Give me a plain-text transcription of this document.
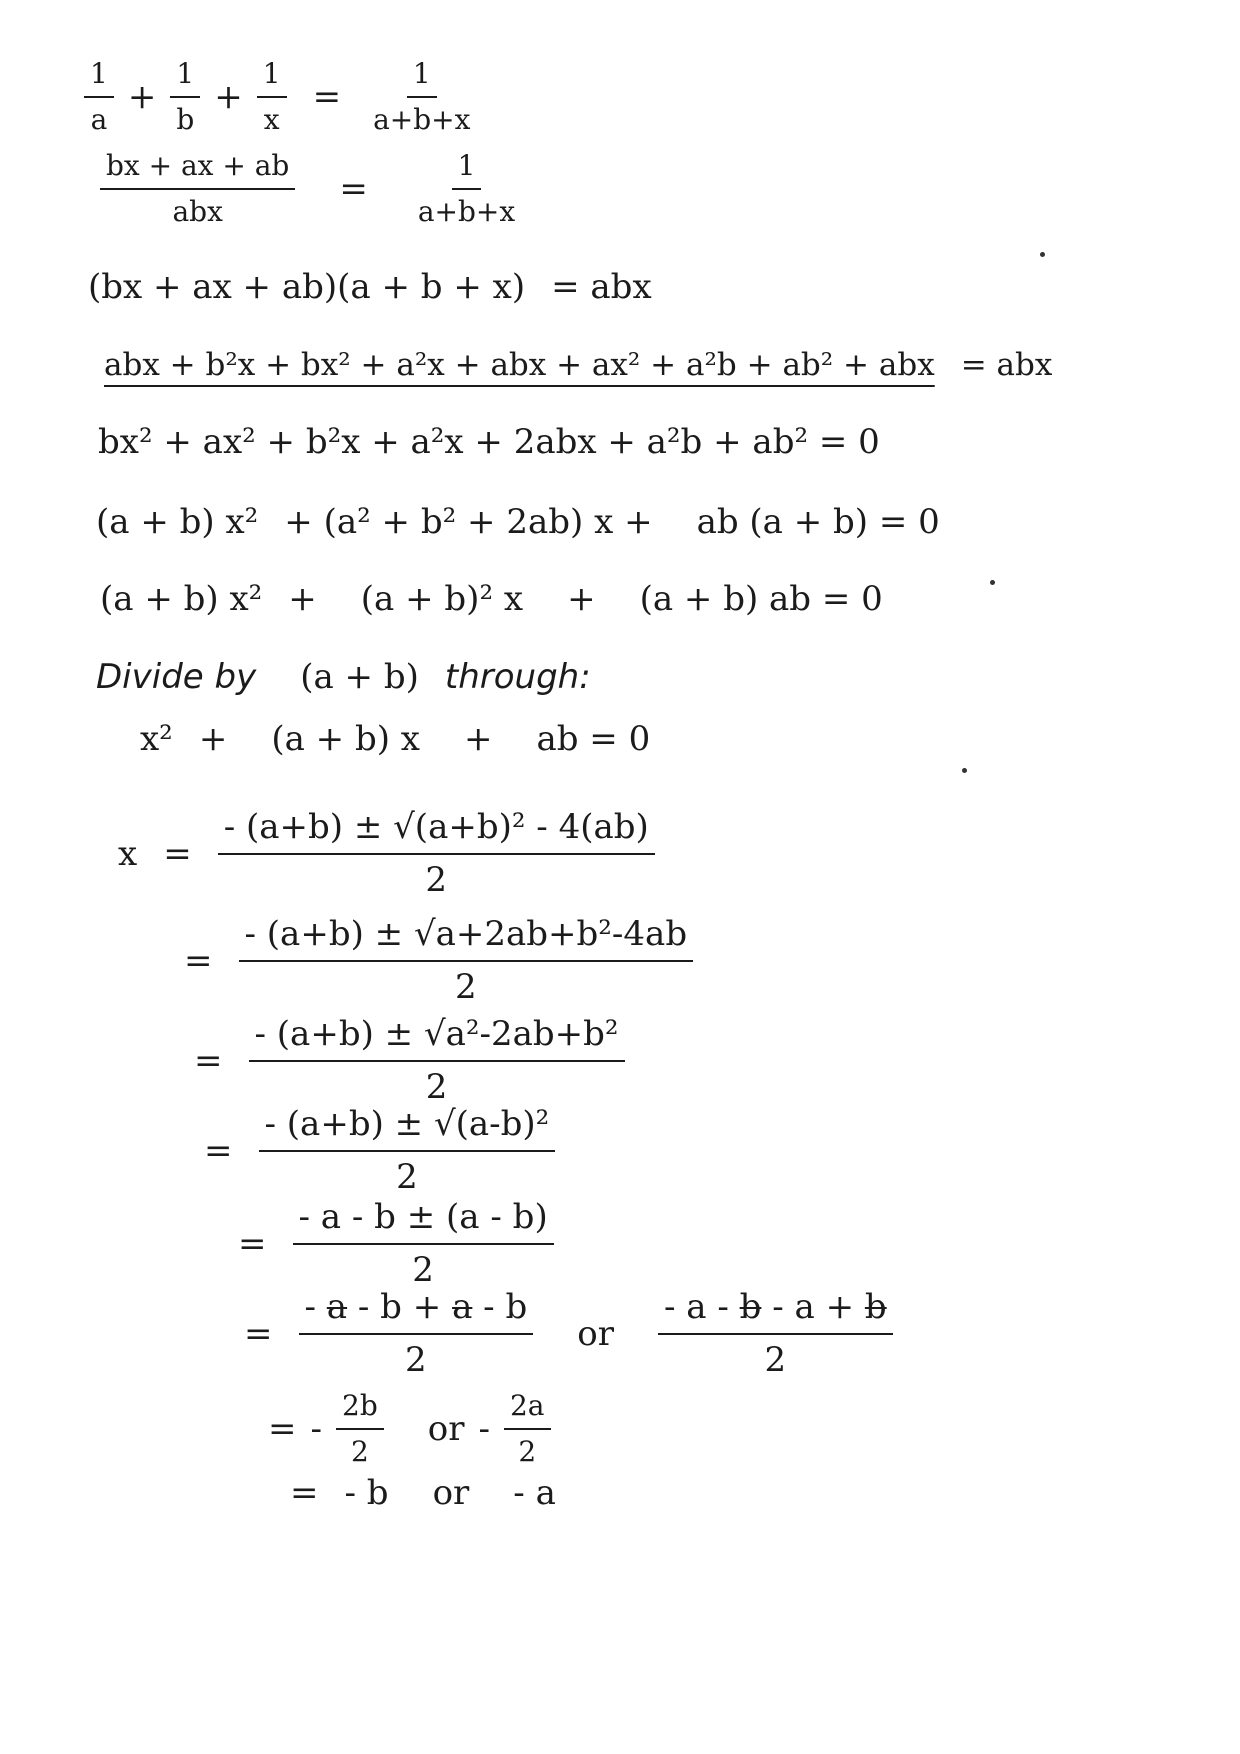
$\frac{1}{a} + \frac{1}{b} + \frac{1}{x} = \frac{1}{a+b+x}$
$\frac{bx + ax + ab}{\text{abx}} = \frac{1}{a+b+x}$
(bx + ax + ab)(a + b + x) = abx
abx + b²x + bx² + a²x + abx + ax² + a²b + ab² + abx = abx
bx² + ax² + b²x + a²x + 2abx + a²b + ab² = 0
(a + b) x² + (a² + b² + 2ab) x + ab (a + b) = 0
(a + b) x² + (a + b)² x + (a + b) ab = 0
Divide by (a + b) through:
x² + (a + b) x + ab = 0
$x = \frac{\text{- (a+b) ± √(a+b)² - 4(ab)}}{2}$
= $\frac{\text{- (a+b) ± √a+2ab+b²-4ab}}{2}$
= $\frac{\text{- (a+b) ± √a²-2ab+b²}}{2}$
= $\frac{\text{- (a+b) ± √(a-b)²}}{2}$
= $\frac{- a - b \pm (a - b)}{2}$
= $\frac{- a - b + a - b}{2}$ or $\frac{- a - b - a + b}{2}$
= - $\frac{2b}{2}$ or - $\frac{2a}{2}$
= - b or - a
